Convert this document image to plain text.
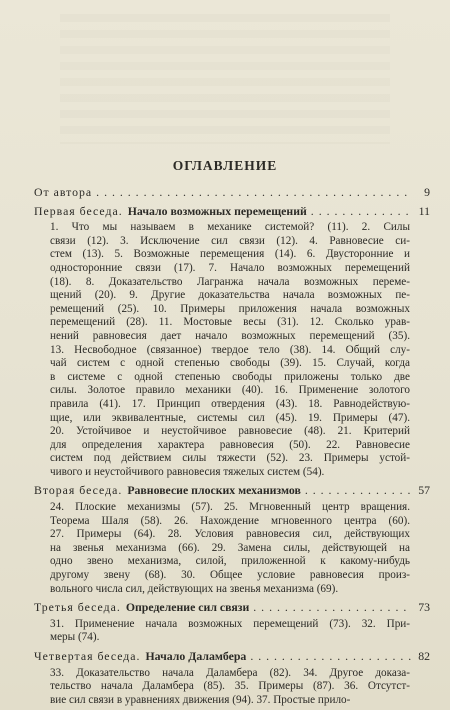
ОГЛАВЛЕНИЕ
От автора . . .	9
Первая беседа. Начало возможных перемещений . . .	11
1. Что мы называем в механике системой? (11). 2. Силы
связи (12). 3. Исключение сил связи (12). 4. Равновесие си-
стем (13). 5. Возможные перемещения (14). 6. Двусторонние и
односторонние связи (17). 7. Начало возможных перемещений
(18). 8. Доказательство Лагранжа начала возможных переме-
щений (20). 9. Другие доказательства начала возможных пе-
ремещений (25). 10. Примеры приложения начала возможных
перемещений (28). 11. Мостовые весы (31). 12. Сколько урав-
нений равновесия дает начало возможных перемещений (35).
13. Несвободное (связанное) твердое тело (38). 14. Общий слу-
чай систем с одной степенью свободы (39). 15. Случай, когда
в системе с одной степенью свободы приложены только две
силы. Золотое правило механики (40). 16. Применение золотого
правила (41). 17. Принцип отвердения (43). 18. Равнодействую-
щие, или эквивалентные, системы сил (45). 19. Примеры (47).
20. Устойчивое и неустойчивое равновесие (48). 21. Критерий
для определения характера равновесия (50). 22. Равновесие
систем под действием силы тяжести (52). 23. Примеры устой-
чивого и неустойчивого равновесия тяжелых систем (54).
Вторая беседа. Равновесие плоских механизмов . . .	57
24. Плоские механизмы (57). 25. Мгновенный центр вращения.
Теорема Шаля (58). 26. Нахождение мгновенного центра (60).
27. Примеры (64). 28. Условия равновесия сил, действующих
на звенья механизма (66). 29. Замена силы, действующей на
одно звено механизма, силой, приложенной к какому-нибудь
другому звену (68). 30. Общее условие равновесия произ-
вольного числа сил, действующих на звенья механизма (69).
Третья беседа. Определение сил связи . . .	73
31. Применение начала возможных перемещений (73). 32. При-
меры (74).
Четвертая беседа. Начало Даламбера . . .	82
33. Доказательство начала Даламбера (82). 34. Другое доказа-
тельство начала Даламбера (85). 35. Примеры (87). 36. Отсутст-
вие сил связи в уравнениях движения (94). 37. Простые прило-
